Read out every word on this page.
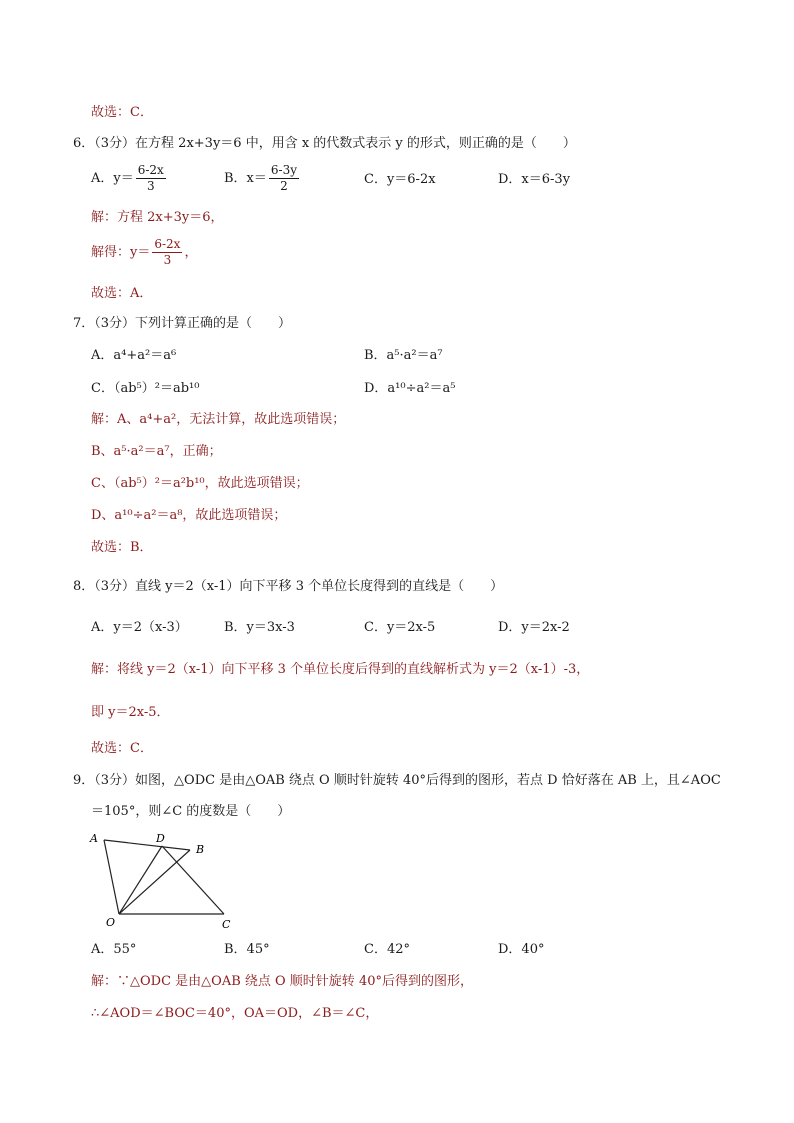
故选：C．
6．（3分）在方程 2x+3y＝6 中，用含 x 的代数式表示 y 的形式，则正确的是（　　）
A．$y= \frac{6-2x}{3}$	B．$x= \frac{6-3y}{2}$	C．y＝6-2x	D．x＝6-3y
解：方程 2x+3y＝6，
解得：$y= \frac{6-2x}{3}$ ，
故选：A．
7．（3分）下列计算正确的是（　　）
A．a⁴+a²＝a⁶	B．a⁵·a²＝a⁷
C．（ab⁵）²＝ab¹⁰	D．a¹⁰÷a²＝a⁵
解：A、a⁴+a²，无法计算，故此选项错误；
B、a⁵·a²＝a⁷，正确；
C、（ab⁵）²＝a²b¹⁰，故此选项错误；
D、a¹⁰÷a²＝a⁸，故此选项错误；
故选：B．
8．（3分）直线 y＝2（x-1）向下平移 3 个单位长度得到的直线是（　　）
A．y＝2（x-3）	B．y＝3x-3	C．y＝2x-5	D．y＝2x-2
解：将线 y＝2（x-1）向下平移 3 个单位长度后得到的直线解析式为 y＝2（x-1）-3，
即 y＝2x-5．
故选：C．
9．（3分）如图，△ODC 是由△OAB 绕点 O 顺时针旋转 40°后得到的图形，若点 D 恰好落在 AB 上，且∠AOC
＝105°，则∠C 的度数是（　　）
A	D
B
O	C
A．55°	B．45°	C．42°	D．40°
解：∵△ODC 是由△OAB 绕点 O 顺时针旋转 40°后得到的图形，
∴∠AOD＝∠BOC＝40°，OA＝OD，∠B＝∠C，
